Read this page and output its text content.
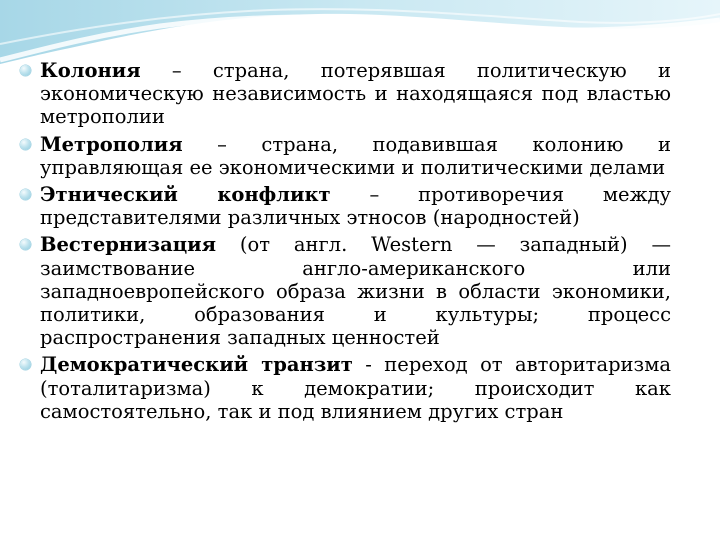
Колония – страна, потерявшая политическую и экономическую независимость и находящаяся под властью метрополии
Метрополия – страна, подавившая колонию и управляющая ее экономическими и политическими делами
Этнический конфликт – противоречия между представителями различных этносов (народностей)
Вестернизация (от англ. Western — западный) — заимствование англо-американского или западноевропейского образа жизни в области экономики, политики, образования и культуры; процесс распространения западных ценностей
Демократический транзит - переход от авторитаризма (тоталитаризма) к демократии; происходит как самостоятельно, так и под влиянием других стран
